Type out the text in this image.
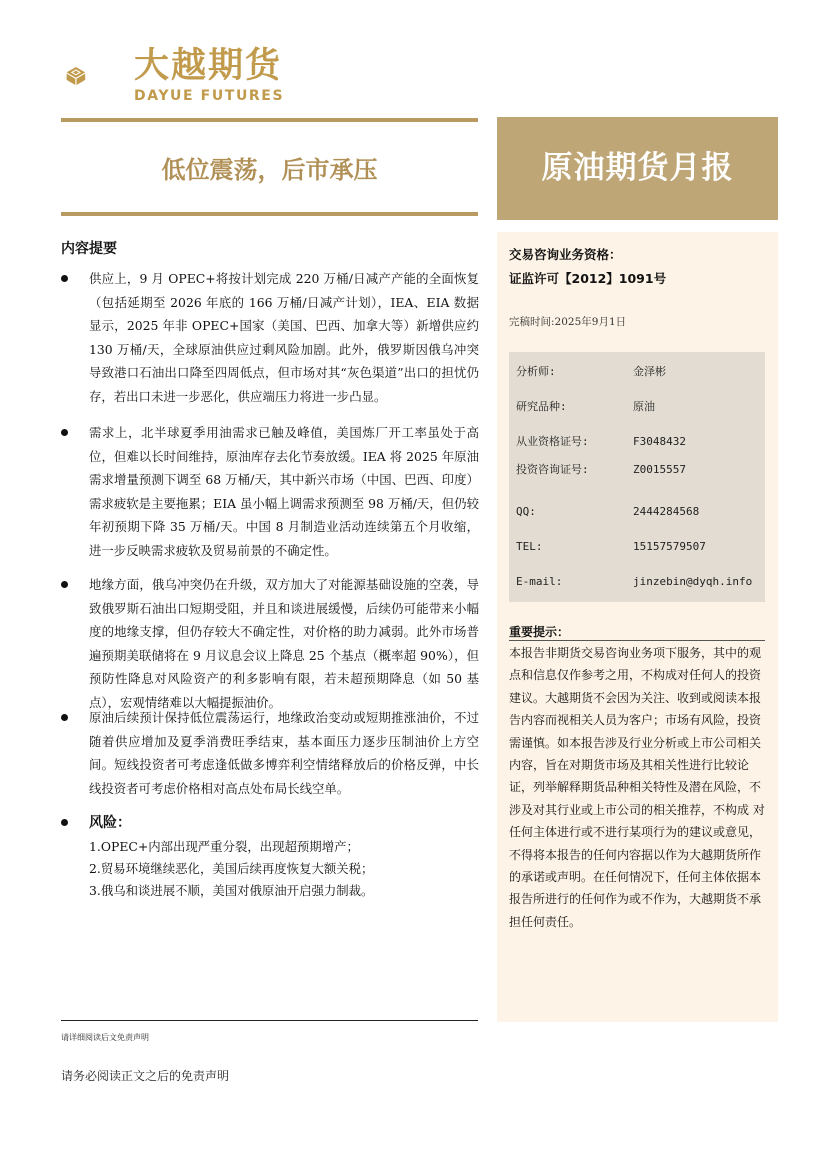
大越期货
DAYUE FUTURES
低位震荡，后市承压	原油期货月报
内容提要
供应上，9 月 OPEC+将按计划完成 220 万桶/日减产产能的全面恢复（包括延期至 2026 年底的 166 万桶/日减产计划），IEA、EIA 数据显示，2025 年非 OPEC+国家（美国、巴西、加拿大等）新增供应约 130 万桶/天，全球原油供应过剩风险加剧。此外，俄罗斯因俄乌冲突导致港口石油出口降至四周低点，但市场对其“灰色渠道”出口的担忧仍存，若出口未进一步恶化，供应端压力将进一步凸显。
需求上，北半球夏季用油需求已触及峰值，美国炼厂开工率虽处于高位，但难以长时间维持，原油库存去化节奏放缓。IEA 将 2025 年原油需求增量预测下调至 68 万桶/天，其中新兴市场（中国、巴西、印度）需求疲软是主要拖累；EIA 虽小幅上调需求预测至 98 万桶/天，但仍较年初预期下降 35 万桶/天。中国 8 月制造业活动连续第五个月收缩，进一步反映需求疲软及贸易前景的不确定性。
地缘方面，俄乌冲突仍在升级，双方加大了对能源基础设施的空袭，导致俄罗斯石油出口短期受阻，并且和谈进展缓慢，后续仍可能带来小幅度的地缘支撑，但仍存较大不确定性，对价格的助力减弱。此外市场普遍预期美联储将在 9 月议息会议上降息 25 个基点（概率超 90%），但预防性降息对风险资产的利多影响有限，若未超预期降息（如 50 基点），宏观情绪难以大幅提振油价。
原油后续预计保持低位震荡运行，地缘政治变动或短期推涨油价，不过随着供应增加及夏季消费旺季结束，基本面压力逐步压制油价上方空间。短线投资者可考虑逢低做多博弈利空情绪释放后的价格反弹，中长线投资者可考虑价格相对高点处布局长线空单。
风险：
1.OPEC+内部出现严重分裂，出现超预期增产；
2.贸易环境继续恶化，美国后续再度恢复大额关税；
3.俄乌和谈进展不顺，美国对俄原油开启强力制裁。
请详细阅读后文免责声明
请务必阅读正文之后的免责声明
交易咨询业务资格：
证监许可【2012】1091号
完稿时间:2025年9月1日
分析师:	金泽彬
研究品种:	原油
从业资格证号:	F3048432
投资咨询证号:	Z0015557
QQ:	2444284568
TEL:	15157579507
E-mail:	jinzebin@dyqh.info
重要提示：
本报告非期货交易咨询业务项下服务，其中的观点和信息仅作参考之用，不构成对任何人的投资建议。大越期货不会因为关注、收到或阅读本报告内容而视相关人员为客户；市场有风险，投资需谨慎。如本报告涉及行业分析或上市公司相关内容，旨在对期货市场及其相关性进行比较论证，列举解释期货品种相关特性及潜在风险，不涉及对其行业或上市公司的相关推荐，不构成 对任何主体进行或不进行某项行为的建议或意见，不得将本报告的任何内容据以作为大越期货所作的承诺或声明。在任何情况下，任何主体依据本报告所进行的任何作为或不作为，大越期货不承担任何责任。
